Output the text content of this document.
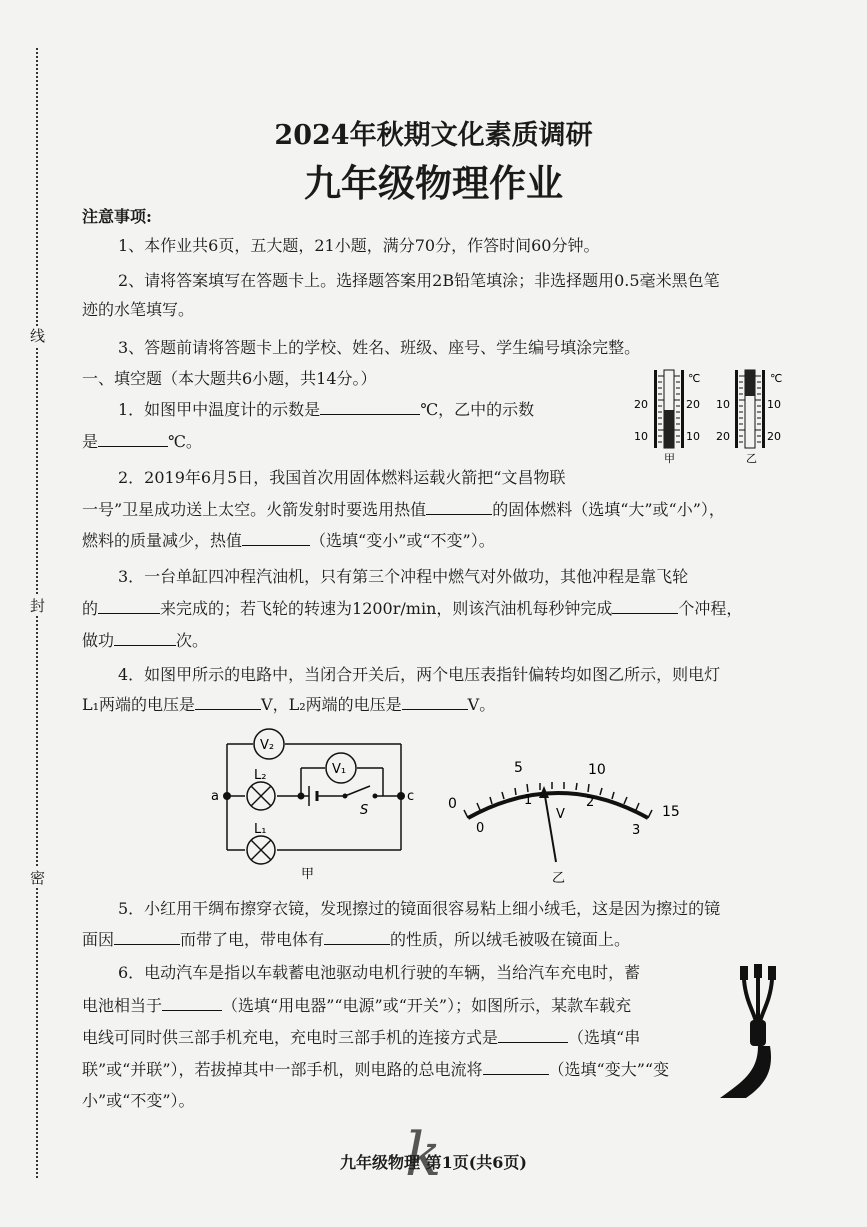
线
封
密
2024年秋期文化素质调研
九年级物理作业
注意事项:
1、本作业共6页，五大题，21小题，满分70分，作答时间60分钟。
2、请将答案填写在答题卡上。选择题答案用2B铅笔填涂；非选择题用0.5毫米黑色笔
迹的水笔填写。
3、答题前请将答题卡上的学校、姓名、班级、座号、学生编号填涂完整。
一、填空题（本大题共6小题，共14分。）
1．如图甲中温度计的示数是	℃，乙中的示数
是	℃。
20
10
20
10
℃
甲
10
20
10
20
℃
乙
2．2019年6月5日，我国首次用固体燃料运载火箭把“文昌物联
一号”卫星成功送上太空。火箭发射时要选用热值	的固体燃料（选填“大”或“小”），
燃料的质量减少，热值	（选填“变小”或“不变”）。
3．一台单缸四冲程汽油机，只有第三个冲程中燃气对外做功，其他冲程是靠飞轮
的	来完成的；若飞轮的转速为1200r/min，则该汽油机每秒钟完成	个冲程，
做功	次。
4．如图甲所示的电路中，当闭合开关后，两个电压表指针偏转均如图乙所示，则电灯
L₁两端的电压是	V，L₂两端的电压是	V。
V₂
V₁
L₂
L₁
a	c
S
甲
0
5	10
15
0
1	2
3
V
乙
5．小红用干绸布擦穿衣镜，发现擦过的镜面很容易粘上细小绒毛，这是因为擦过的镜
面因	而带了电，带电体有	的性质，所以绒毛被吸在镜面上。
6．电动汽车是指以车载蓄电池驱动电机行驶的车辆，当给汽车充电时，蓄
电池相当于	（选填“用电器”“电源”或“开关”）；如图所示，某款车载充
电线可同时供三部手机充电，充电时三部手机的连接方式是	（选填“串
联”或“并联”），若拔掉其中一部手机，则电路的总电流将	（选填“变大”“变
小”或“不变”）。
k
九年级物理 第1页(共6页)
